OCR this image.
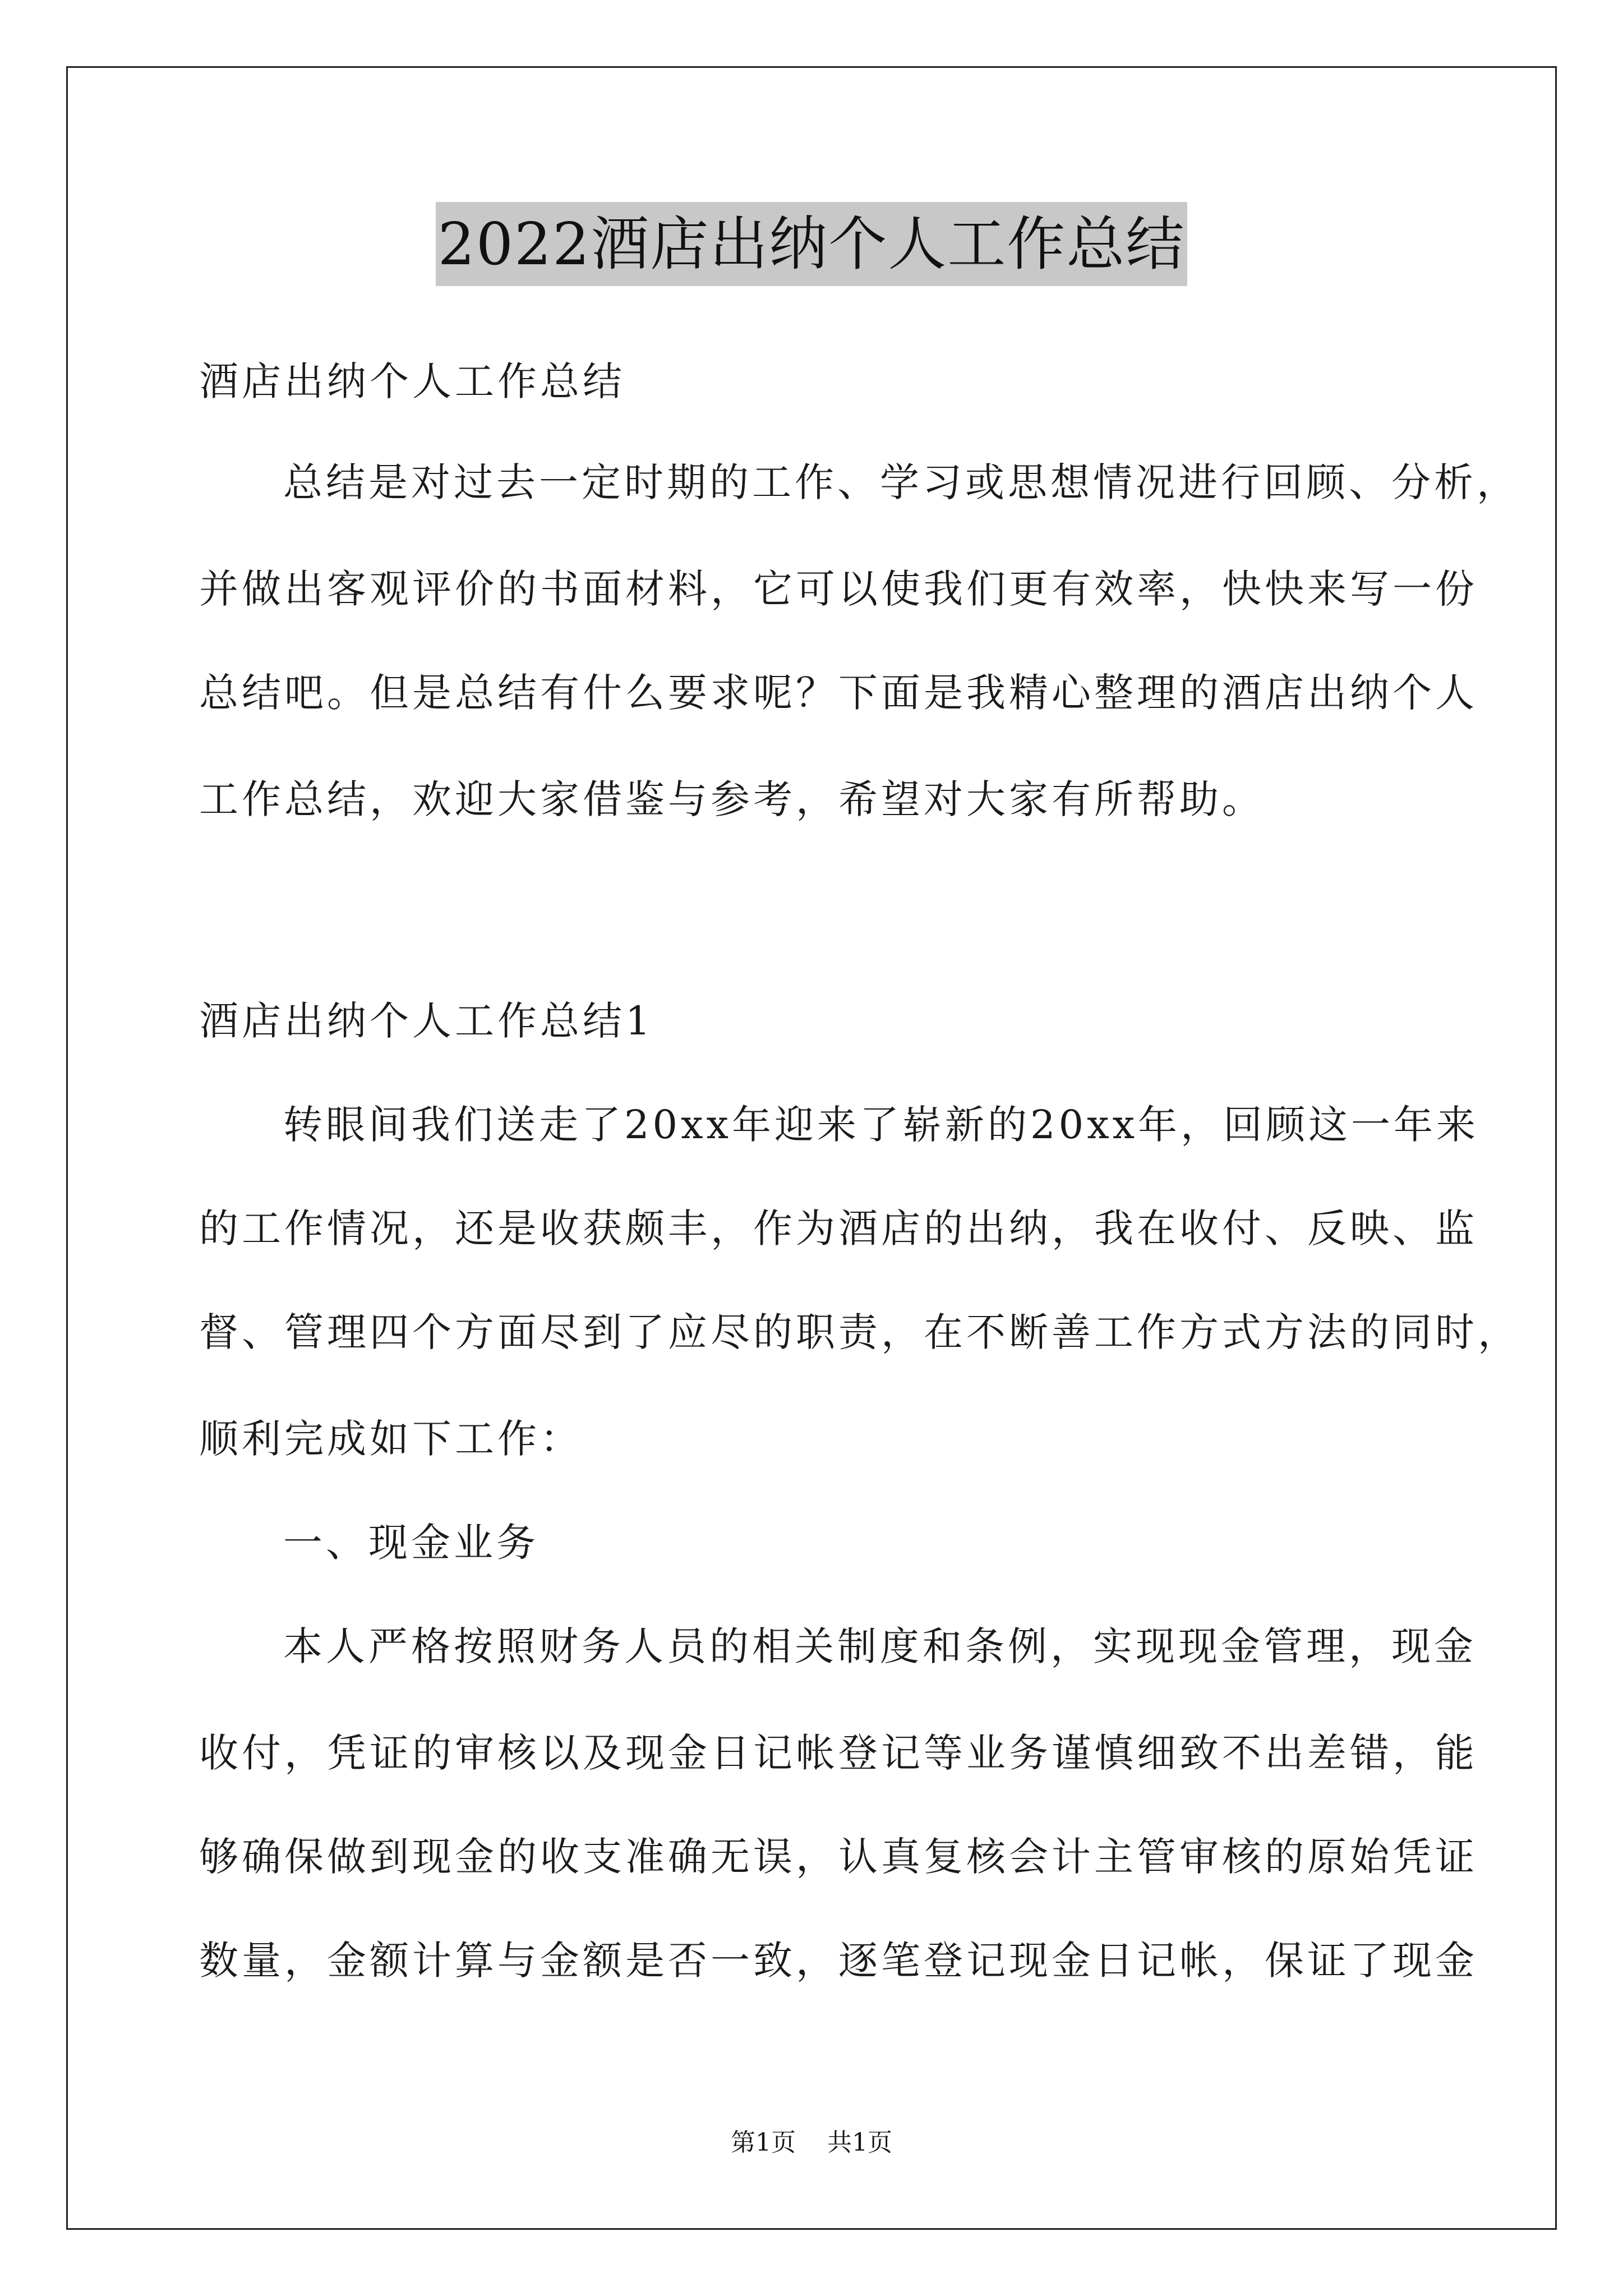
2022酒店出纳个人工作总结
酒店出纳个人工作总结
总结是对过去一定时期的工作、学习或思想情况进行回顾、分析，
并做出客观评价的书面材料，它可以使我们更有效率，快快来写一份
总结吧。但是总结有什么要求呢？下面是我精心整理的酒店出纳个人
工作总结，欢迎大家借鉴与参考，希望对大家有所帮助。
酒店出纳个人工作总结1
转眼间我们送走了20xx年迎来了崭新的20xx年，回顾这一年来
的工作情况，还是收获颇丰，作为酒店的出纳，我在收付、反映、监
督、管理四个方面尽到了应尽的职责，在不断善工作方式方法的同时，
顺利完成如下工作：
一、现金业务
本人严格按照财务人员的相关制度和条例，实现现金管理，现金
收付，凭证的审核以及现金日记帐登记等业务谨慎细致不出差错，能
够确保做到现金的收支准确无误，认真复核会计主管审核的原始凭证
数量，金额计算与金额是否一致，逐笔登记现金日记帐，保证了现金
第1页 共1页
